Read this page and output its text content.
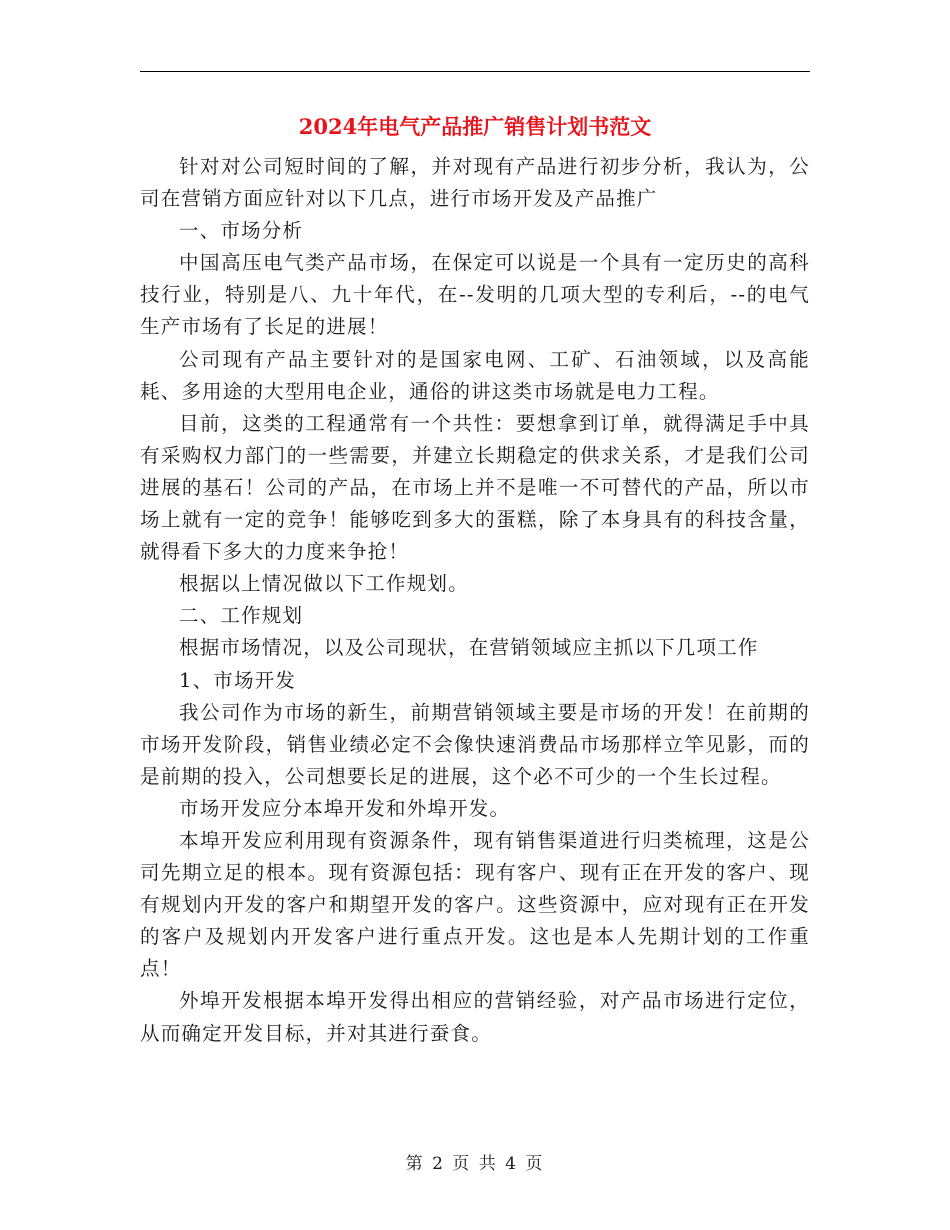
2024年电气产品推广销售计划书范文

针对对公司短时间的了解，并对现有产品进行初步分析，我认为，公司在营销方面应针对以下几点，进行市场开发及产品推广

一、市场分析

中国高压电气类产品市场，在保定可以说是一个具有一定历史的高科技行业，特别是八、九十年代，在--发明的几项大型的专利后，--的电气生产市场有了长足的进展！

公司现有产品主要针对的是国家电网、工矿、石油领域，以及高能耗、多用途的大型用电企业，通俗的讲这类市场就是电力工程。

目前，这类的工程通常有一个共性：要想拿到订单，就得满足手中具有采购权力部门的一些需要，并建立长期稳定的供求关系，才是我们公司进展的基石！公司的产品，在市场上并不是唯一不可替代的产品，所以市场上就有一定的竞争！能够吃到多大的蛋糕，除了本身具有的科技含量，就得看下多大的力度来争抢！

根据以上情况做以下工作规划。

二、工作规划

根据市场情况，以及公司现状，在营销领域应主抓以下几项工作

1、市场开发

我公司作为市场的新生，前期营销领域主要是市场的开发！在前期的市场开发阶段，销售业绩必定不会像快速消费品市场那样立竿见影，而的是前期的投入，公司想要长足的进展，这个必不可少的一个生长过程。

市场开发应分本埠开发和外埠开发。

本埠开发应利用现有资源条件，现有销售渠道进行归类梳理，这是公司先期立足的根本。现有资源包括：现有客户、现有正在开发的客户、现有规划内开发的客户和期望开发的客户。这些资源中，应对现有正在开发的客户及规划内开发客户进行重点开发。这也是本人先期计划的工作重点！

外埠开发根据本埠开发得出相应的营销经验，对产品市场进行定位，从而确定开发目标，并对其进行蚕食。

第 2 页 共 4 页
